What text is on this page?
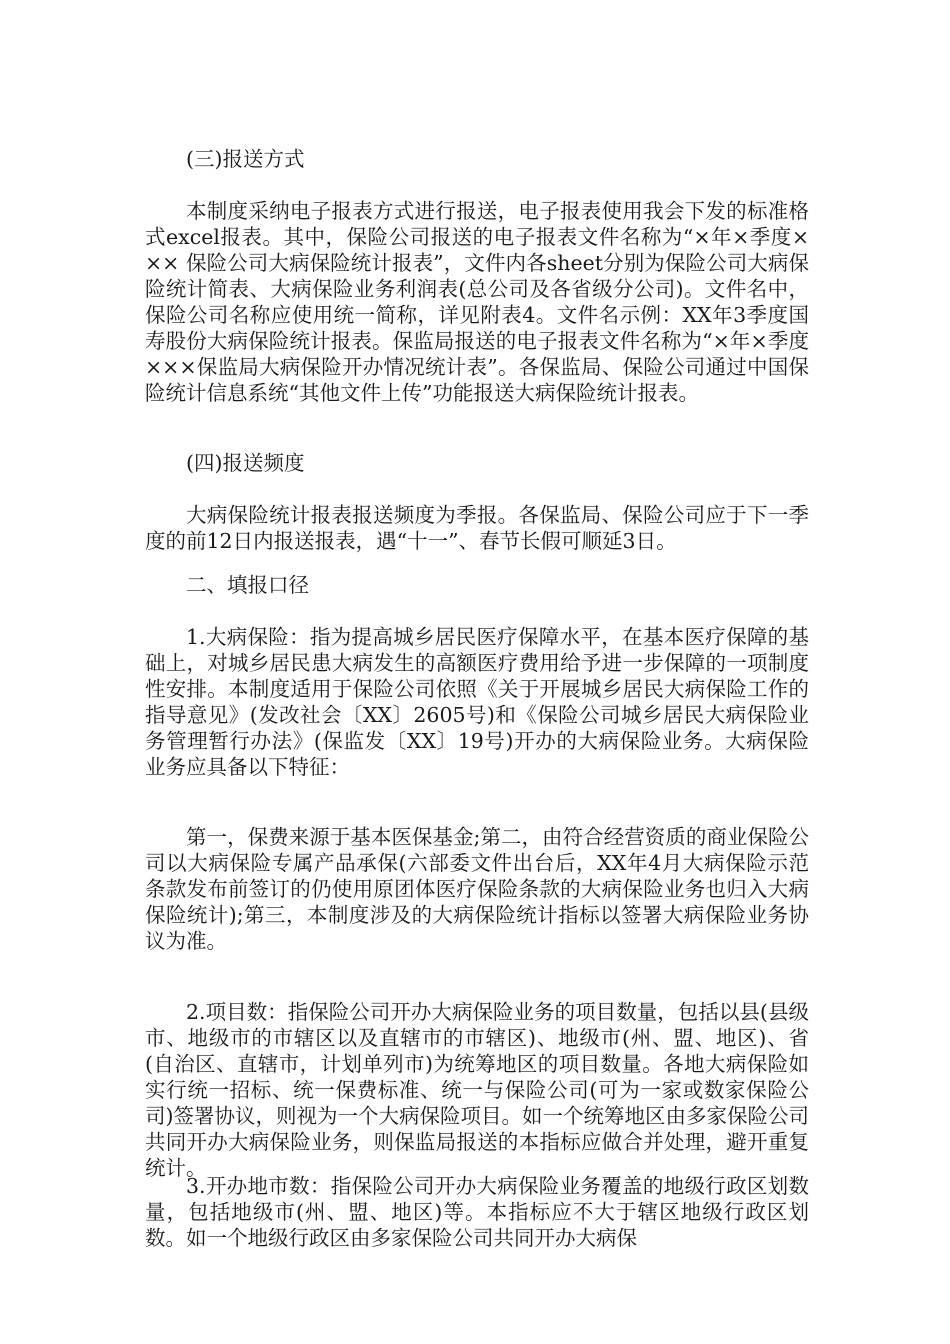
(三)报送方式
本制度采纳电子报表方式进行报送，电子报表使用我会下发的标准格式excel报表。其中，保险公司报送的电子报表文件名称为“×年×季度××× 保险公司大病保险统计报表”，文件内各sheet分别为保险公司大病保险统计简表、大病保险业务利润表(总公司及各省级分公司)。文件名中，保险公司名称应使用统一简称，详见附表4。文件名示例：XX年3季度国寿股份大病保险统计报表。保监局报送的电子报表文件名称为“×年×季度×××保监局大病保险开办情况统计表”。各保监局、保险公司通过中国保险统计信息系统“其他文件上传”功能报送大病保险统计报表。
(四)报送频度
大病保险统计报表报送频度为季报。各保监局、保险公司应于下一季度的前12日内报送报表，遇“十一”、春节长假可顺延3日。
二、填报口径
1.大病保险：指为提高城乡居民医疗保障水平，在基本医疗保障的基础上，对城乡居民患大病发生的高额医疗费用给予进一步保障的一项制度性安排。本制度适用于保险公司依照《关于开展城乡居民大病保险工作的指导意见》(发改社会〔XX〕2605号)和《保险公司城乡居民大病保险业务管理暂行办法》(保监发〔XX〕19号)开办的大病保险业务。大病保险业务应具备以下特征：
第一，保费来源于基本医保基金;第二，由符合经营资质的商业保险公司以大病保险专属产品承保(六部委文件出台后，XX年4月大病保险示范条款发布前签订的仍使用原团体医疗保险条款的大病保险业务也归入大病保险统计);第三，本制度涉及的大病保险统计指标以签署大病保险业务协议为准。
2.项目数：指保险公司开办大病保险业务的项目数量，包括以县(县级市、地级市的市辖区以及直辖市的市辖区)、地级市(州、盟、地区)、省(自治区、直辖市，计划单列市)为统筹地区的项目数量。各地大病保险如实行统一招标、统一保费标准、统一与保险公司(可为一家或数家保险公司)签署协议，则视为一个大病保险项目。如一个统筹地区由多家保险公司共同开办大病保险业务，则保监局报送的本指标应做合并处理，避开重复统计。
3.开办地市数：指保险公司开办大病保险业务覆盖的地级行政区划数量，包括地级市(州、盟、地区)等。本指标应不大于辖区地级行政区划数。如一个地级行政区由多家保险公司共同开办大病保
